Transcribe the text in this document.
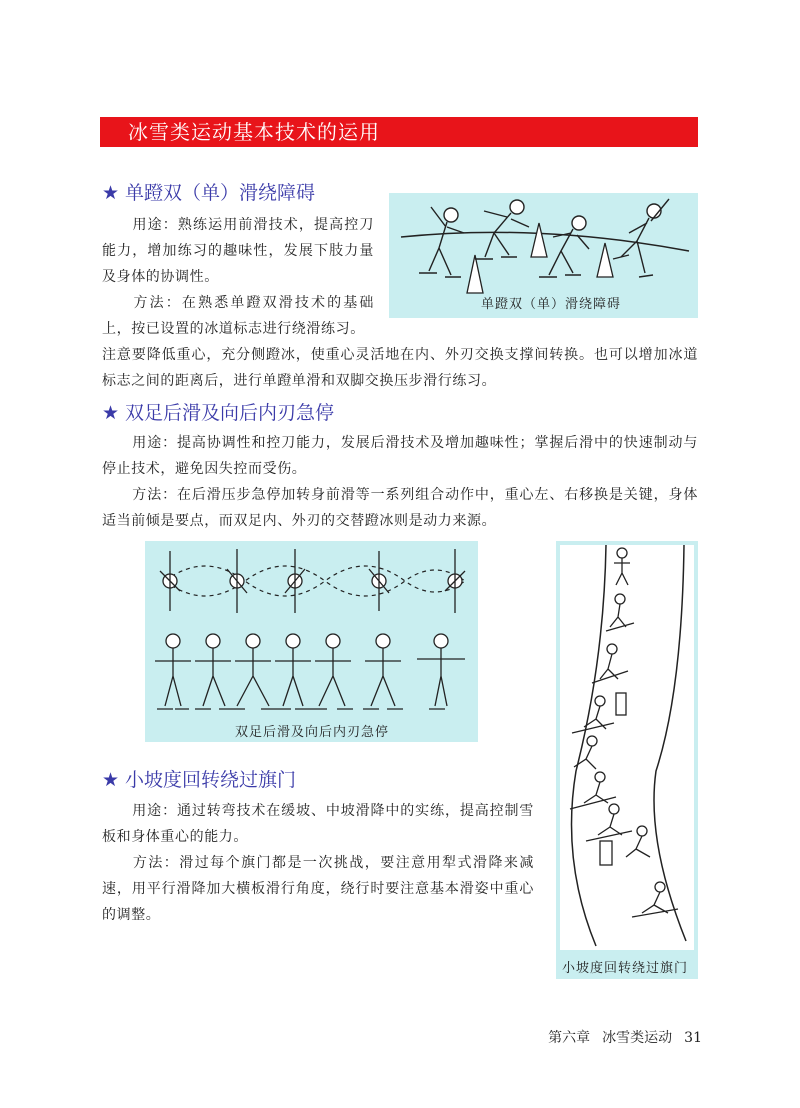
冰雪类运动基本技术的运用
★ 单蹬双（单）滑绕障碍
用途：熟练运用前滑技术，提高控刀能力，增加练习的趣味性，发展下肢力量及身体的协调性。
方法：在熟悉单蹬双滑技术的基础上，按已设置的冰道标志进行绕滑练习。
注意要降低重心，充分侧蹬冰，使重心灵活地在内、外刃交换支撑间转换。也可以增加冰道标志之间的距离后，进行单蹬单滑和双脚交换压步滑行练习。
单蹬双（单）滑绕障碍
★ 双足后滑及向后内刃急停
用途：提高协调性和控刀能力，发展后滑技术及增加趣味性；掌握后滑中的快速制动与停止技术，避免因失控而受伤。
方法：在后滑压步急停加转身前滑等一系列组合动作中，重心左、右移换是关键，身体适当前倾是要点，而双足内、外刃的交替蹬冰则是动力来源。
双足后滑及向后内刃急停
小坡度回转绕过旗门
★ 小坡度回转绕过旗门
用途：通过转弯技术在缓坡、中坡滑降中的实练，提高控制雪板和身体重心的能力。
方法：滑过每个旗门都是一次挑战，要注意用犁式滑降来减速，用平行滑降加大横板滑行角度，绕行时要注意基本滑姿中重心的调整。
第六章 冰雪类运动 31
